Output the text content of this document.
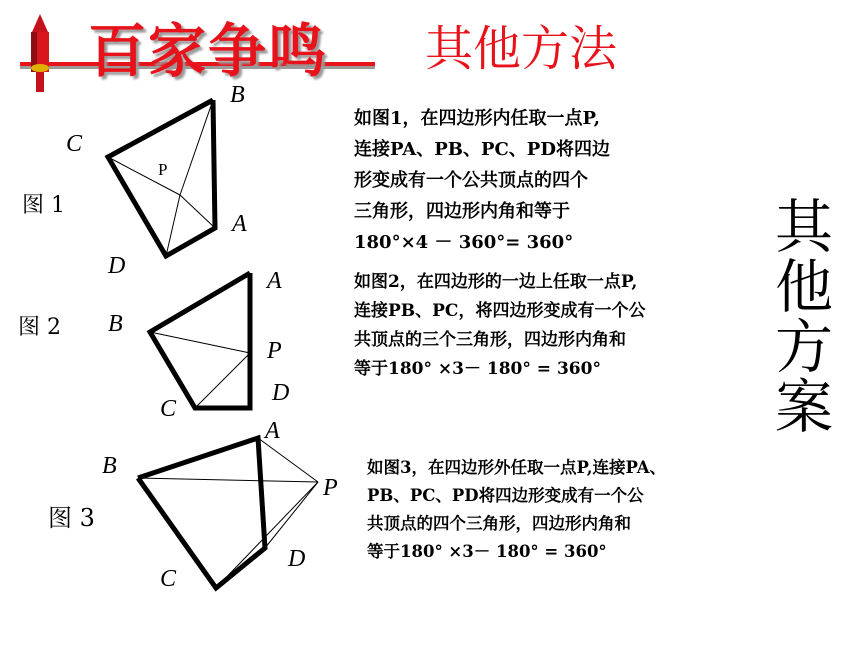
百家争鸣 其他方法
其他方案
B
C
P
A
D
图 1
A
B
P
D
C
图 2
A
B
P
D
C
图 3
如图1，在四边形内任取一点P,
连接PA、PB、PC、PD将四边
形变成有一个公共顶点的四个
三角形，四边形内角和等于
180°×4 － 360°= 360°
如图2，在四边形的一边上任取一点P,
连接PB、PC，将四边形变成有一个公
共顶点的三个三角形，四边形内角和
等于180° ×3－ 180° = 360°
如图3，在四边形外任取一点P,连接PA、
PB、PC、PD将四边形变成有一个公
共顶点的四个三角形，四边形内角和
等于180° ×3－ 180° = 360°
